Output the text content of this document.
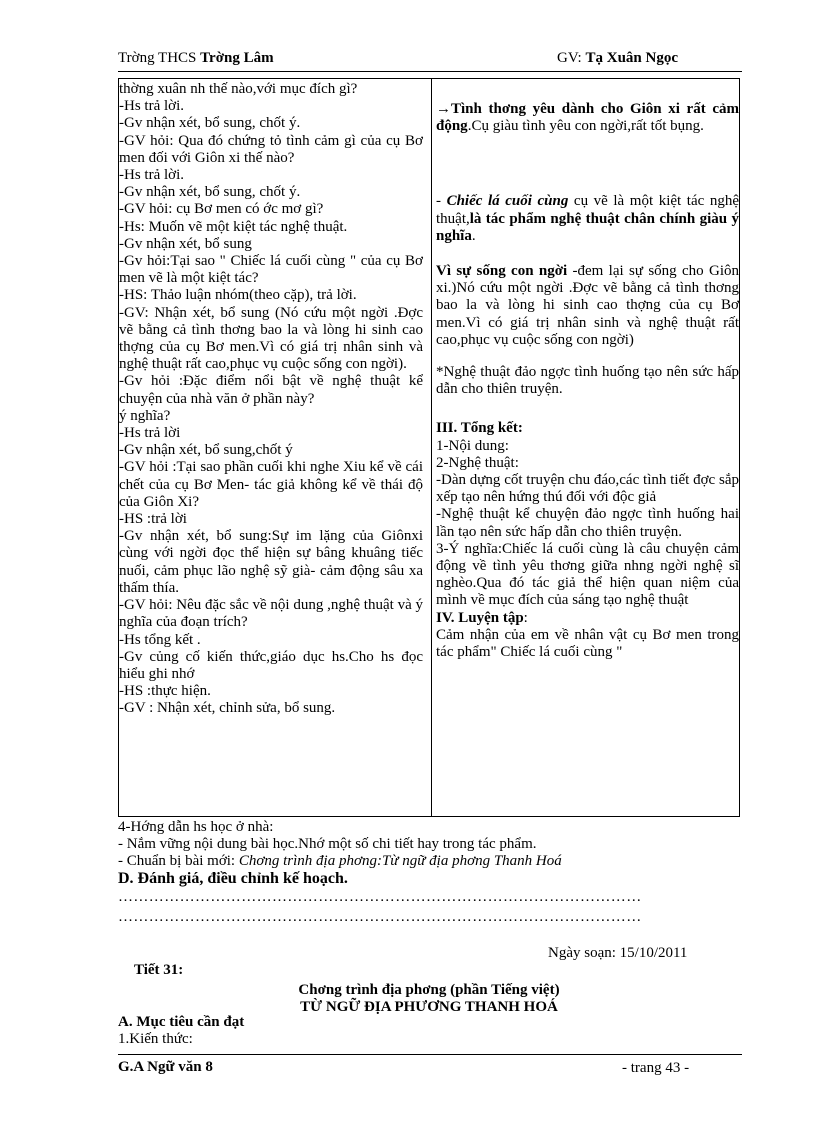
Trờng THCS Trờng Lâm	GV: Tạ Xuân Ngọc

thờng xuân nh thế nào,với mục đích gì?

-Hs trả lời.

-Gv nhận xét, bổ sung, chốt ý.

-GV hỏi: Qua đó chứng tỏ tình cảm gì của cụ Bơ men đối với Giôn xi thế nào?

-Hs trả lời.

-Gv nhận xét, bổ sung, chốt ý.

-GV hỏi: cụ Bơ men có ớc mơ gì?

-Hs: Muốn vẽ một kiệt tác nghệ thuật.

-Gv nhận xét, bổ sung

-Gv hỏi:Tại sao " Chiếc lá cuối cùng " của cụ Bơ men vẽ là một kiệt tác?

-HS: Thảo luận nhóm(theo cặp), trả lời.

-GV: Nhận xét, bổ sung (Nó cứu một ngời .Đợc vẽ bằng cả tình thơng bao la và lòng hi sinh cao thợng của cụ Bơ men.Vì có giá trị nhân sinh và nghệ thuật rất cao,phục vụ cuộc sống con ngời).

-Gv hỏi :Đặc điểm nổi bật về nghệ thuật kể chuyện của nhà văn ở phần này?

ý nghĩa?

-Hs trả lời

-Gv nhận xét, bổ sung,chốt ý

-GV hỏi :Tại sao phần cuối khi nghe Xiu kể về cái chết của cụ Bơ Men- tác giả không kể về thái độ của Giôn Xi?

-HS :trả lời

-Gv nhận xét, bổ sung:Sự im lặng của Giônxi cùng với ngời đọc thể hiện sự bâng khuâng tiếc nuối, cảm phục lão nghệ sỹ già- cảm động sâu xa thấm thía.

-GV hỏi: Nêu đặc sắc về nội dung ,nghệ thuật và ý nghĩa của đoạn trích?

-Hs tổng kết .

-Gv củng cố kiến thức,giáo dục hs.Cho hs đọc hiểu ghi nhớ

-HS :thực hiện.

-GV : Nhận xét, chỉnh sửa, bổ sung.

→Tình thơng yêu dành cho Giôn xi rất cảm động.Cụ giàu tình yêu con ngời,rất tốt bụng.

- Chiếc lá cuối cùng cụ vẽ là một kiệt tác nghệ thuật,là tác phẩm nghệ thuật chân chính giàu ý nghĩa.

Vì sự sống con ngời -đem lại sự sống cho Giôn xi.)Nó cứu một ngời .Đợc vẽ bằng cả tình thơng bao la và lòng hi sinh cao thợng của cụ Bơ men.Vì có giá trị nhân sinh và nghệ thuật rất cao,phục vụ cuộc sống con ngời)

*Nghệ thuật đảo ngợc tình huống tạo nên sức hấp dẫn cho thiên truyện.

III. Tổng kết:

1-Nội dung:

2-Nghệ thuật:

-Dàn dựng cốt truyện chu đáo,các tình tiết đợc sắp xếp tạo nên hứng thú đối với độc giả

-Nghệ thuật kể chuyện đảo ngợc tình huống hai lần tạo nên sức hấp dẫn cho thiên truyện.

3-Ý nghĩa:Chiếc lá cuối cùng là câu chuyện cảm động về tình yêu thơng giữa nhng ngời nghệ sĩ nghèo.Qua đó tác giả thể hiện quan niệm của mình về mục đích của sáng tạo nghệ thuật

IV. Luyện tập:

Cảm nhận của em về nhân vật cụ Bơ men trong tác phẩm" Chiếc lá cuối cùng "

4-Hớng dẫn hs học ở nhà:
- Nắm vững nội dung bài học.Nhớ một số chi tiết hay trong tác phẩm.
- Chuẩn bị bài mới: Chơng trình địa phơng:Từ ngữ địa phơng Thanh Hoá
D. Đánh giá, điều chỉnh kế hoạch.
…………………………………………………………………………………………
…………………………………………………………………………………………
Ngày soạn: 15/10/2011
Tiết 31:
Chơng trình địa phơng (phần Tiếng việt)
TỪ NGỮ ĐỊA PHƯƠNG THANH HOÁ
A. Mục tiêu cần đạt
1.Kiến thức:
G.A Ngữ văn 8	- trang 43 -
